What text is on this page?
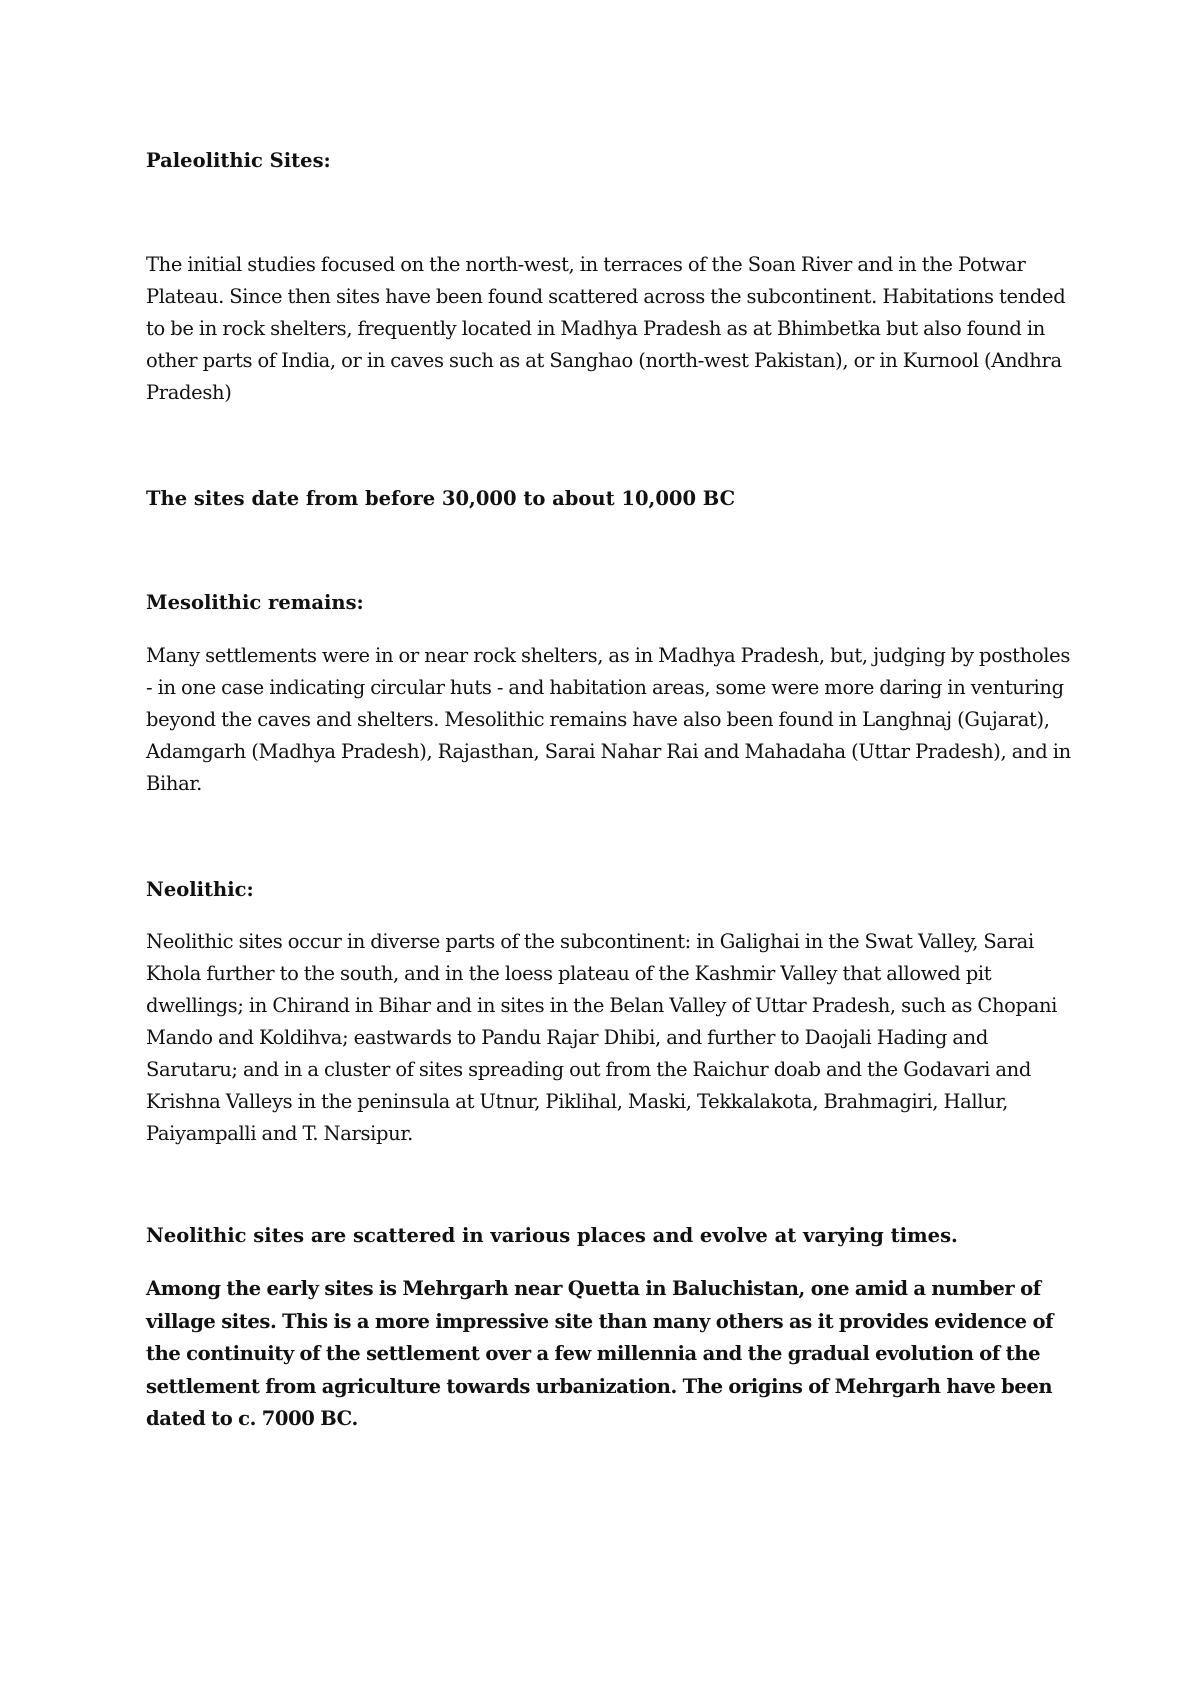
Paleolithic Sites:

The initial studies focused on the north-west, in terraces of the Soan River and in the Potwar Plateau. Since then sites have been found scattered across the subcontinent. Habitations tended to be in rock shelters, frequently located in Madhya Pradesh as at Bhimbetka but also found in other parts of India, or in caves such as at Sanghao (north-west Pakistan), or in Kurnool (Andhra Pradesh)

The sites date from before 30,000 to about 10,000 BC

Mesolithic remains:

Many settlements were in or near rock shelters, as in Madhya Pradesh, but, judging by postholes - in one case indicating circular huts - and habitation areas, some were more daring in venturing beyond the caves and shelters. Mesolithic remains have also been found in Langhnaj (Gujarat), Adamgarh (Madhya Pradesh), Rajasthan, Sarai Nahar Rai and Mahadaha (Uttar Pradesh), and in Bihar.

Neolithic:

Neolithic sites occur in diverse parts of the subcontinent: in Galighai in the Swat Valley, Sarai Khola further to the south, and in the loess plateau of the Kashmir Valley that allowed pit dwellings; in Chirand in Bihar and in sites in the Belan Valley of Uttar Pradesh, such as Chopani Mando and Koldihva; eastwards to Pandu Rajar Dhibi, and further to Daojali Hading and Sarutaru; and in a cluster of sites spreading out from the Raichur doab and the Godavari and Krishna Valleys in the peninsula at Utnur, Piklihal, Maski, Tekkalakota, Brahmagiri, Hallur, Paiyampalli and T. Narsipur.

Neolithic sites are scattered in various places and evolve at varying times.

Among the early sites is Mehrgarh near Quetta in Baluchistan, one amid a number of village sites. This is a more impressive site than many others as it provides evidence of the continuity of the settlement over a few millennia and the gradual evolution of the settlement from agriculture towards urbanization. The origins of Mehrgarh have been dated to c. 7000 BC.
